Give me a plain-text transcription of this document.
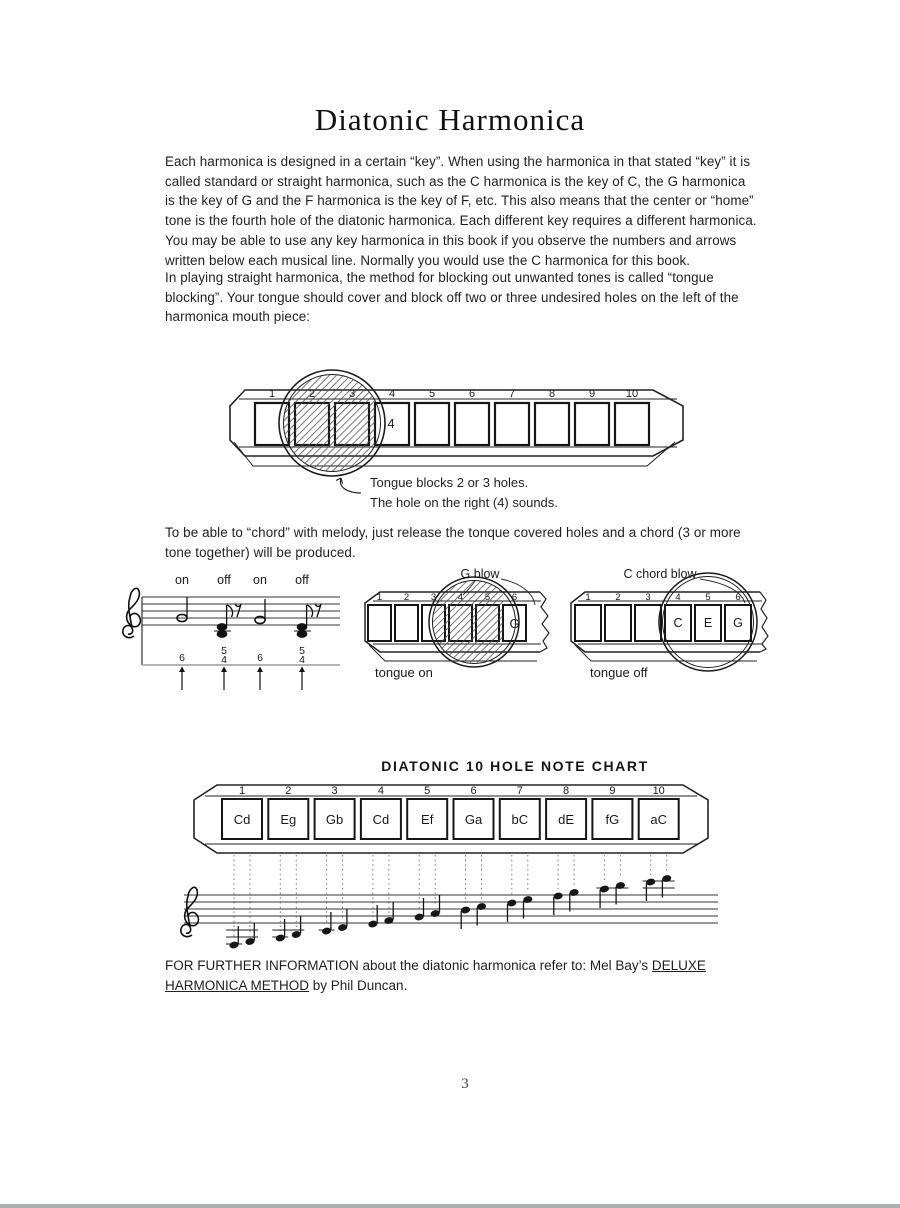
Diatonic Harmonica
Each harmonica is designed in a certain “key”. When using the harmonica in that stated “key” it is called standard or straight harmonica, such as the C harmonica is the key of C, the G harmonica is the key of G and the F harmonica is the key of F, etc. This also means that the center or “home” tone is the fourth hole of the diatonic harmonica. Each different key requires a different harmonica. You may be able to use any key harmonica in this book if you observe the numbers and arrows written below each musical line. Normally you would use the C harmonica for this book.
In playing straight harmonica, the method for blocking out unwanted tones is called “tongue blocking”. Your tongue should cover and block off two or three undesired holes on the left of the harmonica mouth piece:
1	4	5	6	7	8	9	10
4
Tongue blocks 2 or 3 holes.
The hole on the right (4) sounds.
To be able to “chord” with melody, just release the tonque covered holes and a chord (3 or more tone together) will be produced.
on off on off
6
5
4	6
5
4
G blow
1 2 3	6
G
tongue on
C chord blow
1	2	3	4	5	6
C E G
tongue off
DIATONIC 10 HOLE NOTE CHART
1	2	3	4	5	6	7	8	9	10
Cd Eg Gb Cd Ef Ga bC dE fG aC
FOR FURTHER INFORMATION about the diatonic harmonica refer to: Mel Bay’s DELUXE HARMONICA METHOD by Phil Duncan.
3
